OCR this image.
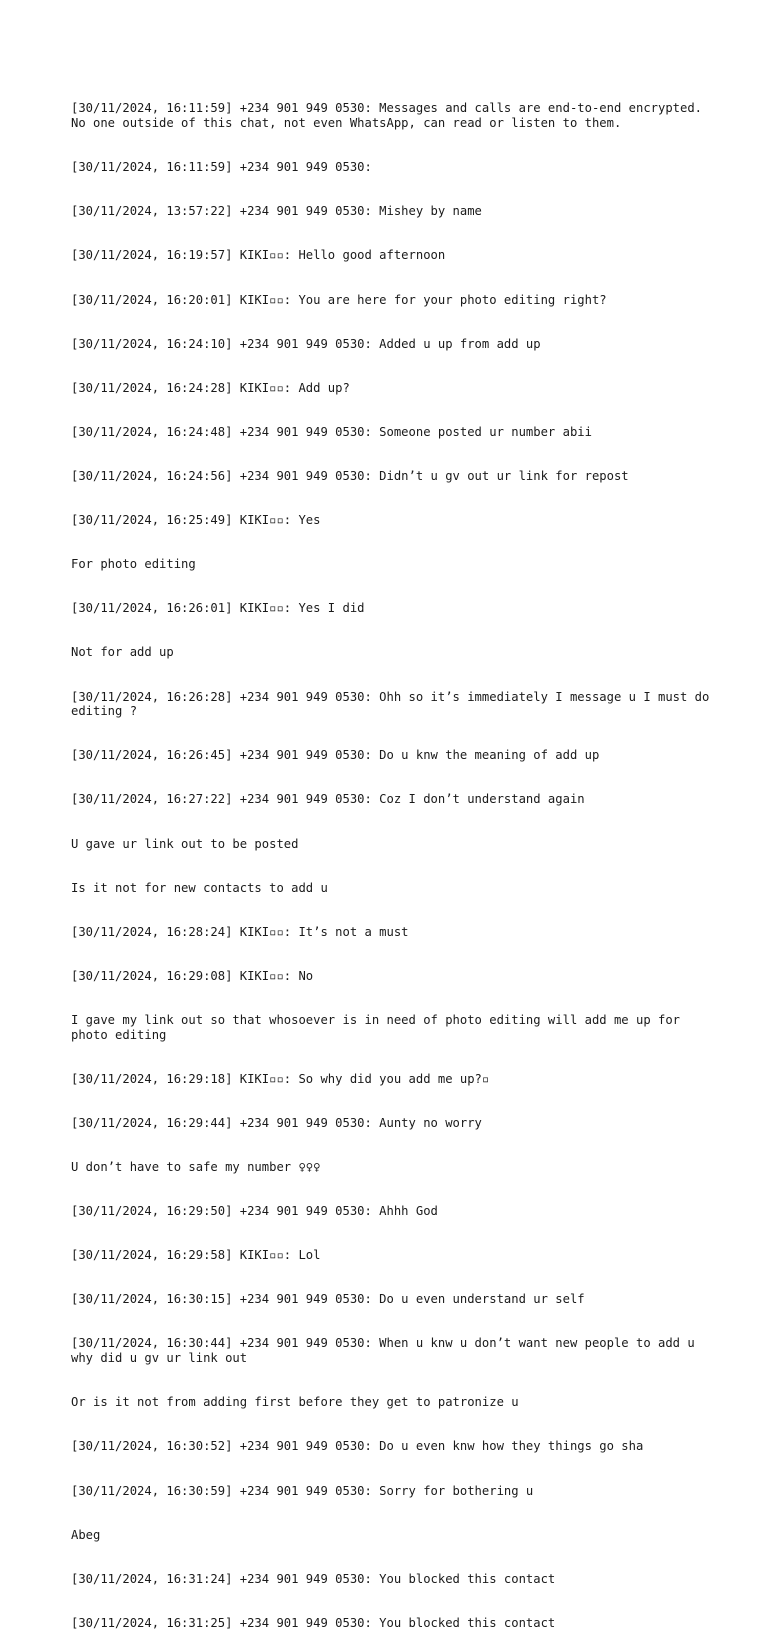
[30/11/2024, 16:11:59] +234 901 949 0530: Messages and calls are end-to-end encrypted. No one outside of this chat, not even WhatsApp, can read or listen to them.

[30/11/2024, 16:11:59] +234 901 949 0530:

[30/11/2024, 13:57:22] +234 901 949 0530: Mishey by name

[30/11/2024, 16:19:57] KIKI▫▫: Hello good afternoon

[30/11/2024, 16:20:01] KIKI▫▫: You are here for your photo editing right?

[30/11/2024, 16:24:10] +234 901 949 0530: Added u up from add up

[30/11/2024, 16:24:28] KIKI▫▫: Add up?

[30/11/2024, 16:24:48] +234 901 949 0530: Someone posted ur number abii

[30/11/2024, 16:24:56] +234 901 949 0530: Didn’t u gv out ur link for repost

[30/11/2024, 16:25:49] KIKI▫▫: Yes

For photo editing

[30/11/2024, 16:26:01] KIKI▫▫: Yes I did

Not for add up

[30/11/2024, 16:26:28] +234 901 949 0530: Ohh so it’s immediately I message u I must do editing ?

[30/11/2024, 16:26:45] +234 901 949 0530: Do u knw the meaning of add up

[30/11/2024, 16:27:22] +234 901 949 0530: Coz I don’t understand again

U gave ur link out to be posted

Is it not for new contacts to add u

[30/11/2024, 16:28:24] KIKI▫▫: It’s not a must

[30/11/2024, 16:29:08] KIKI▫▫: No

I gave my link out so that whosoever is in need of photo editing will add me up for photo editing

[30/11/2024, 16:29:18] KIKI▫▫: So why did you add me up?▫

[30/11/2024, 16:29:44] +234 901 949 0530: Aunty no worry

U don’t have to safe my number ♀♀♀

[30/11/2024, 16:29:50] +234 901 949 0530: Ahhh God

[30/11/2024, 16:29:58] KIKI▫▫: Lol

[30/11/2024, 16:30:15] +234 901 949 0530: Do u even understand ur self

[30/11/2024, 16:30:44] +234 901 949 0530: When u knw u don’t want new people to add u why did u gv ur link out

Or is it not from adding first before they get to patronize u

[30/11/2024, 16:30:52] +234 901 949 0530: Do u even knw how they things go sha

[30/11/2024, 16:30:59] +234 901 949 0530: Sorry for bothering u

Abeg

[30/11/2024, 16:31:24] +234 901 949 0530: You blocked this contact

[30/11/2024, 16:31:25] +234 901 949 0530: You blocked this contact
